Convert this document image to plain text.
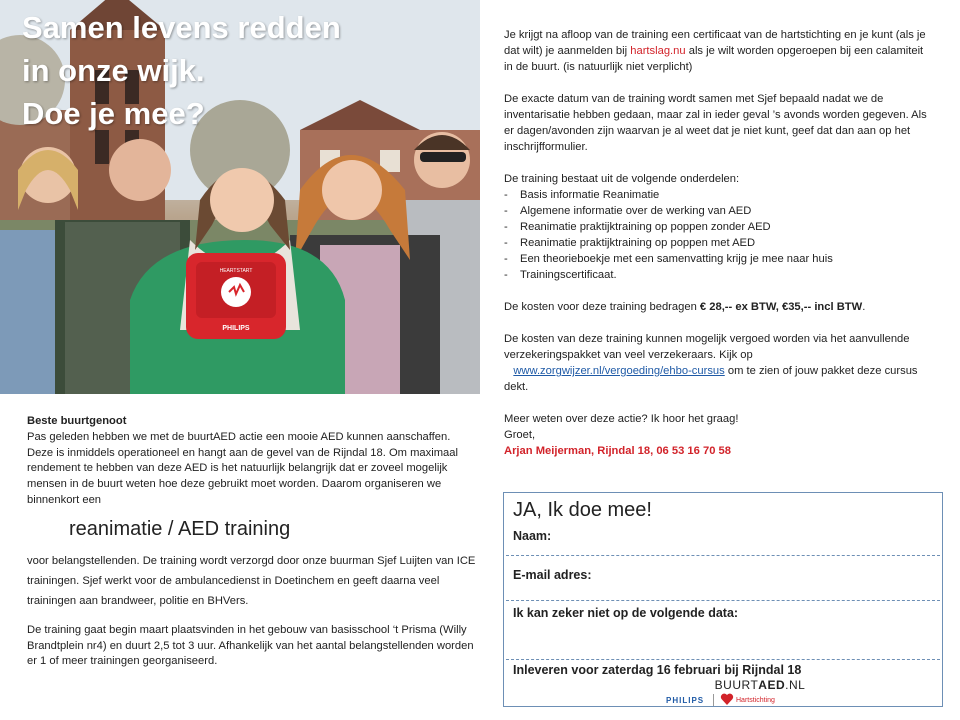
HEARTSTART
PHILIPS
Samen levens redden
in onze wijk.
Doe je mee?

Beste buurtgenoot

Pas geleden hebben we met de buurtAED actie een mooie AED kunnen aanschaffen. Deze is inmiddels operationeel en hangt aan de gevel van de Rijndal 18. Om maximaal rendement te hebben van deze AED is het natuurlijk belangrijk dat er zoveel mogelijk mensen in de buurt weten hoe deze gebruikt moet worden. Daarom organiseren we binnenkort een

reanimatie / AED training

voor belangstellenden. De training wordt verzorgd door onze buurman Sjef Luijten van ICE trainingen. Sjef werkt voor de ambulancedienst in Doetinchem en geeft daarna veel trainingen aan brandweer, politie en BHVers.

De training gaat begin maart plaatsvinden in het gebouw van basisschool ‘t Prisma (Willy Brandtplein nr4) en duurt 2,5 tot 3 uur. Afhankelijk van het aantal belangstellenden worden er 1 of meer trainingen georganiseerd.

Je krijgt na afloop van de training een certificaat van de hartstichting en je kunt (als je dat wilt) je aanmelden bij hartslag.nu als je wilt worden opgeroepen bij een calamiteit in de buurt. (is natuurlijk niet verplicht)

De exacte datum van de training wordt samen met Sjef bepaald nadat we de inventarisatie hebben gedaan, maar zal in ieder geval ’s avonds worden gegeven. Als er dagen/avonden zijn waarvan je al weet dat je niet kunt, geef dat dan aan op het inschrijfformulier.

De training bestaat uit de volgende onderdelen:
-	Basis informatie Reanimatie
-	Algemene informatie over de werking van AED
-	Reanimatie praktijktraining op poppen zonder AED
-	Reanimatie praktijktraining op poppen met AED
-	Een theorieboekje met een samenvatting krijg je mee naar huis
-	Trainingscertificaat.

De kosten voor deze training bedragen € 28,-- ex BTW, €35,-- incl BTW.

De kosten van deze training kunnen mogelijk vergoed worden via het aanvullende verzekeringspakket van veel verzekeraars. Kijk op
www.zorgwijzer.nl/vergoeding/ehbo-cursus om te zien of jouw pakket deze cursus dekt.

Meer weten over deze actie? Ik hoor het graag!
Groet,
Arjan Meijerman, Rijndal 18, 06 53 16 70 58
JA, Ik doe mee!
Naam:
E-mail adres:
Ik kan zeker niet op de volgende data:
Inleveren voor zaterdag 16 februari bij Rijndal 18
BUURTAED.NL
PHILIPS	Hartstichting
